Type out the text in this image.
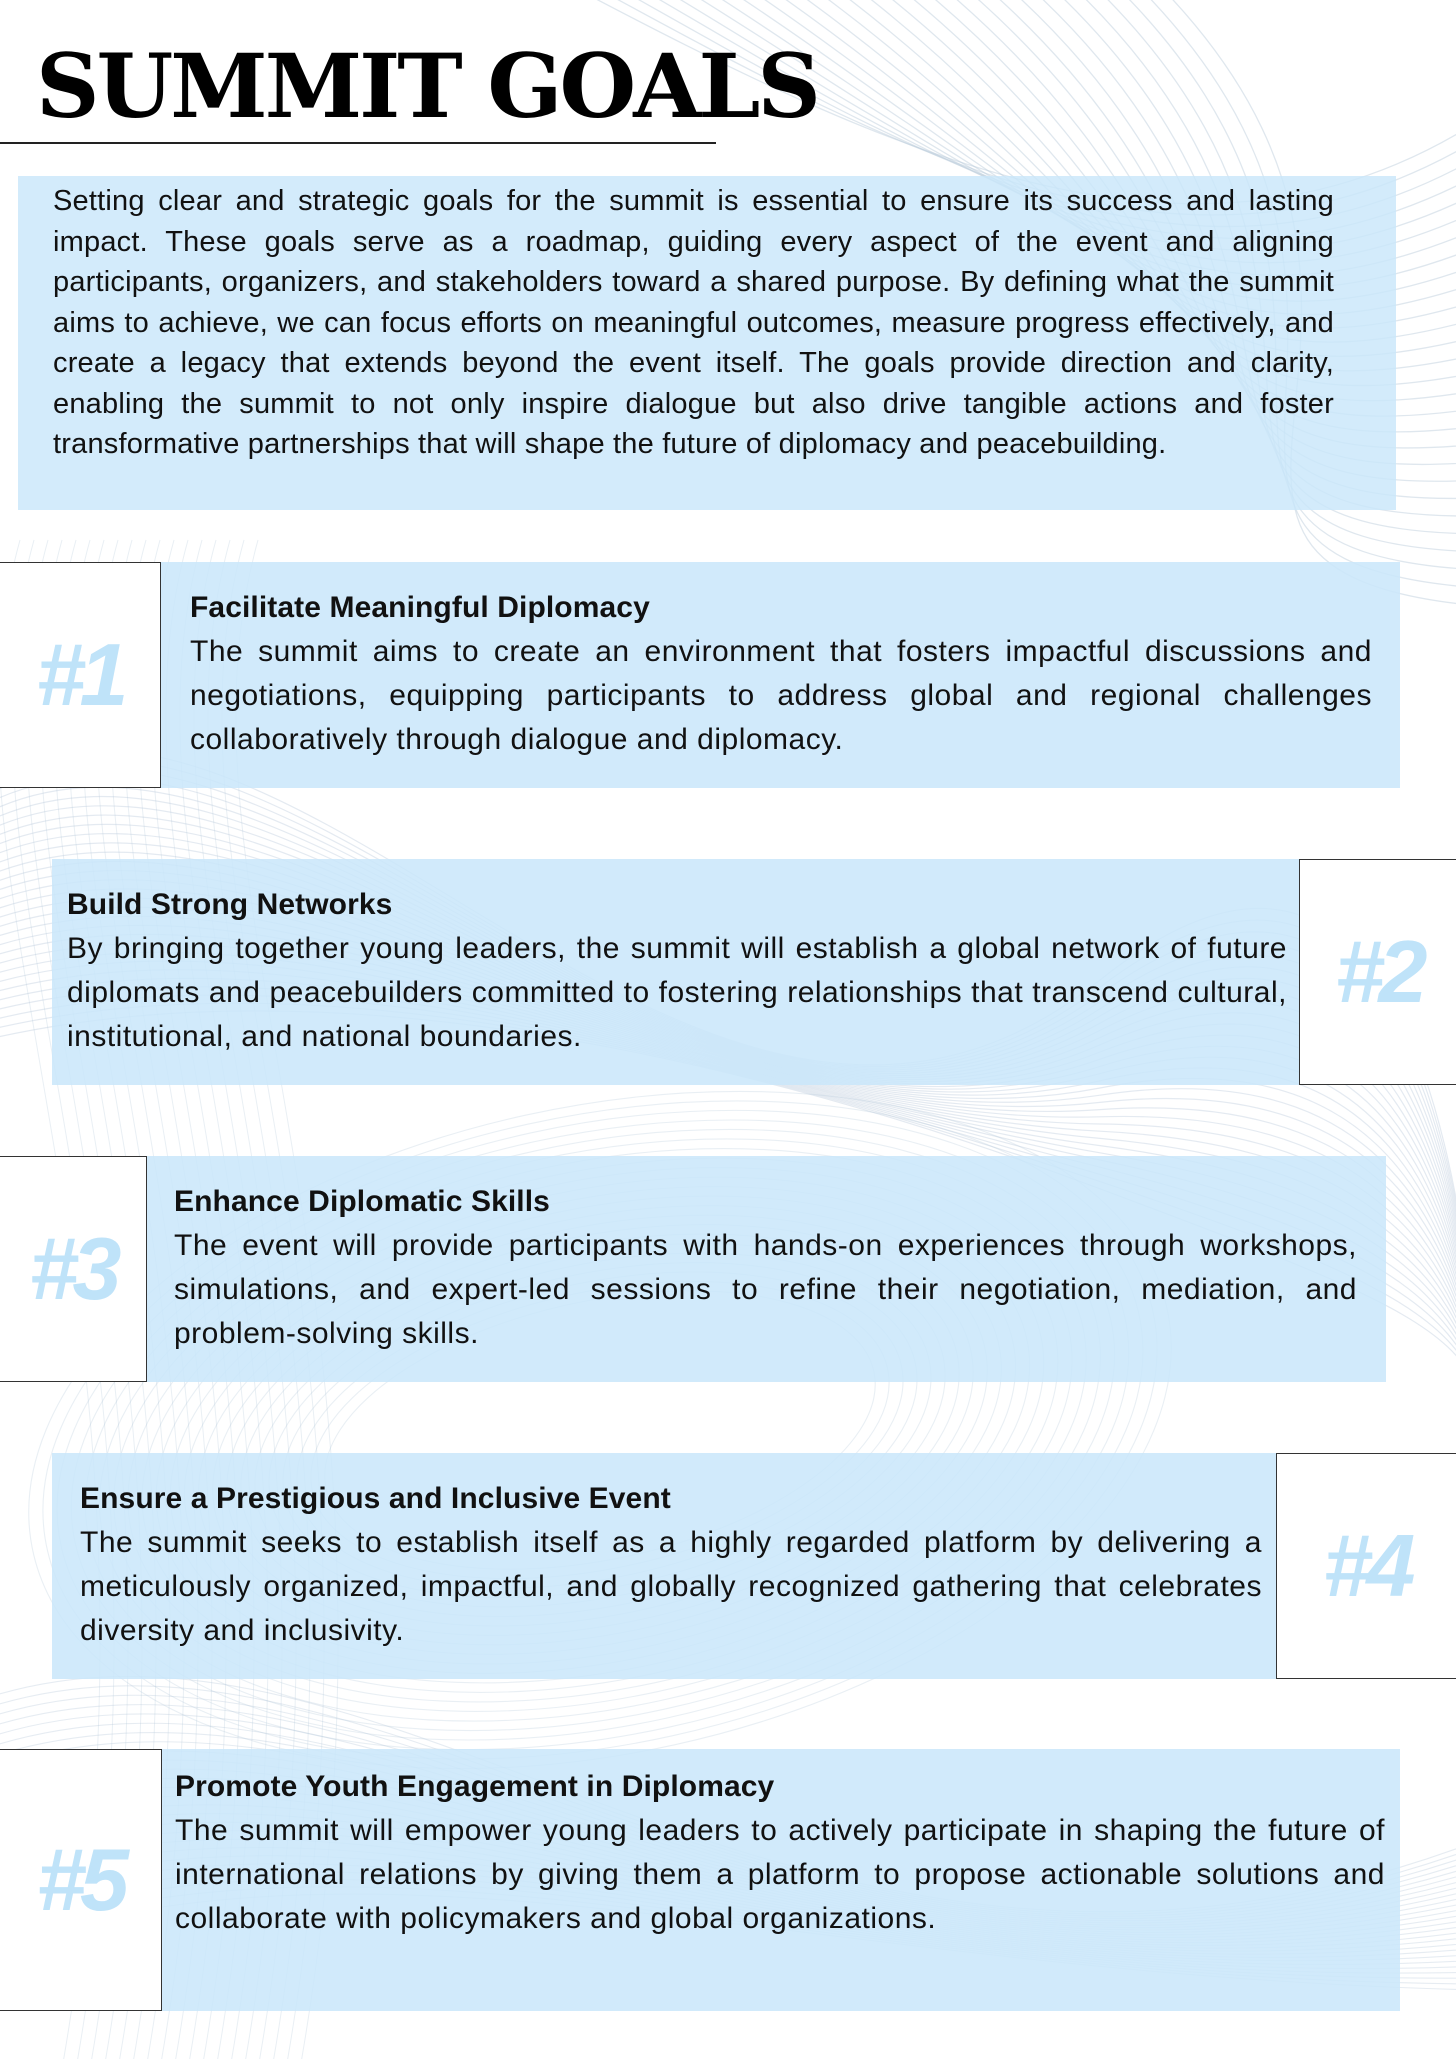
SUMMIT GOALS

Setting clear and strategic goals for the summit is essential to ensure its success and lasting impact. These goals serve as a roadmap, guiding every aspect of the event and aligning participants, organizers, and stakeholders toward a shared purpose. By defining what the summit aims to achieve, we can focus efforts on meaningful outcomes, measure progress effectively, and create a legacy that extends beyond the event itself. The goals provide direction and clarity, enabling the summit to not only inspire dialogue but also drive tangible actions and foster transformative partnerships that will shape the future of diplomacy and peacebuilding.

Facilitate Meaningful Diplomacy

The summit aims to create an environment that fosters impactful discussions and negotiations, equipping participants to address global and regional challenges collaboratively through dialogue and diplomacy.

#1
Build Strong Networks

By bringing together young leaders, the summit will establish a global network of future diplomats and peacebuilders committed to fostering relationships that transcend cultural, institutional, and national boundaries.

#2
Enhance Diplomatic Skills

The event will provide participants with hands-on experiences through workshops, simulations, and expert-led sessions to refine their negotiation, mediation, and problem-solving skills.

#3
Ensure a Prestigious and Inclusive Event

The summit seeks to establish itself as a highly regarded platform by delivering a meticulously organized, impactful, and globally recognized gathering that celebrates diversity and inclusivity.

#4
Promote Youth Engagement in Diplomacy

The summit will empower young leaders to actively participate in shaping the future of international relations by giving them a platform to propose actionable solutions and collaborate with policymakers and global organizations.

#5
